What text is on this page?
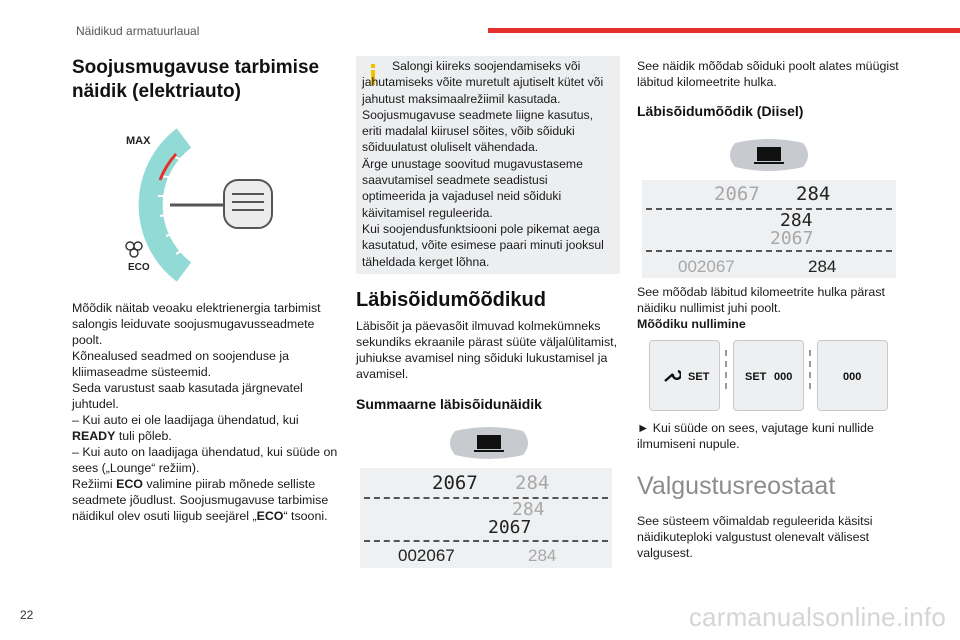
Näidikud armatuurlaual
Soojusmugavuse tarbimise näidik (elektriauto)
MAX
ECO

Mõõdik näitab veoaku elektrienergia tarbimist salongis leiduvate soojusmugavusseadmete poolt.
Kõnealused seadmed on soojenduse ja kliimaseadme süsteemid.
Seda varustust saab kasutada järgnevatel juhtudel.

– Kui auto ei ole laadijaga ühendatud, kui READY tuli põleb.

– Kui auto on laadijaga ühendatud, kui süüde on sees („Lounge“ režiim).

Režiimi ECO valimine piirab mõnede selliste seadmete jõudlust. Soojusmugavuse tarbimise näidikul olev osuti liigub seejärel „ECO“ tsooni.

Salongi kiireks soojendamiseks või jahutamiseks võite muretult ajutiselt kütet või jahutust maksimaalrežiimil kasutada.
Soojusmugavuse seadmete liigne kasutus, eriti madalal kiirusel sõites, võib sõiduki sõiduulatust oluliselt vähendada.
Ärge unustage soovitud mugavustaseme saavutamisel seadmete seadistusi optimeerida ja vajadusel neid sõiduki käivitamisel reguleerida.
Kui soojendusfunktsiooni pole pikemat aega kasutatud, võite esimese paari minuti jooksul täheldada kerget lõhna.

Läbisõidumõõdikud

Läbisõit ja päevasõit ilmuvad kolmekümneks sekundiks ekraanile pärast süüte väljalülitamist, juhiukse avamisel ning sõiduki lukustamisel ja avamisel.

Summaarne läbisõidunäidik
2067 284
284
2067
002067	284

See näidik mõõdab sõiduki poolt alates müügist läbitud kilomeetrite hulka.

Läbisõidumõõdik (Diisel)
2067 284
284
2067
002067	284

See mõõdab läbitud kilomeetrite hulka pärast näidiku nullimist juhi poolt.

Mõõdiku nullimine

SET	SET 000	000

► Kui süüde on sees, vajutage kuni nullide ilmumiseni nupule.

Valgustusreostaat

See süsteem võimaldab reguleerida käsitsi näidikuteploki valgustust olenevalt välisest valgusest.

22	carmanualsonline.info
